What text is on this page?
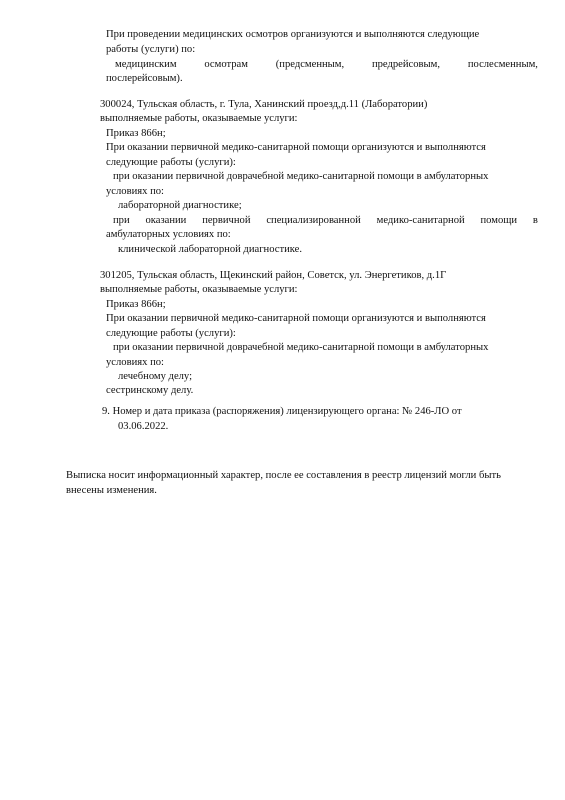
При проведении медицинских осмотров организуются и выполняются следующие
работы (услуги) по:
медицинским	осмотрам	(предсменным,	предрейсовым,	послесменным,
послерейсовым).
300024, Тульская область, г. Тула, Ханинский проезд,д.11 (Лаборатории)
выполняемые работы, оказываемые услуги:
Приказ 866н;
При оказании первичной медико-санитарной помощи организуются и выполняются
следующие работы (услуги):
при оказании первичной доврачебной медико-санитарной помощи в амбулаторных
условиях по:
лабораторной диагностике;
при оказании первичной специализированной медико-санитарной помощи в
амбулаторных условиях по:
клинической лабораторной диагностике.
301205, Тульская область, Щекинский район, Советск, ул. Энергетиков, д.1Г
выполняемые работы, оказываемые услуги:
Приказ 866н;
При оказании первичной медико-санитарной помощи организуются и выполняются
следующие работы (услуги):
при оказании первичной доврачебной медико-санитарной помощи в амбулаторных
условиях по:
лечебному делу;
сестринскому делу.
9. Номер и дата приказа (распоряжения) лицензирующего органа: № 246-ЛО от
03.06.2022.
Выписка носит информационный характер, после ее составления в реестр лицензий могли быть
внесены изменения.
